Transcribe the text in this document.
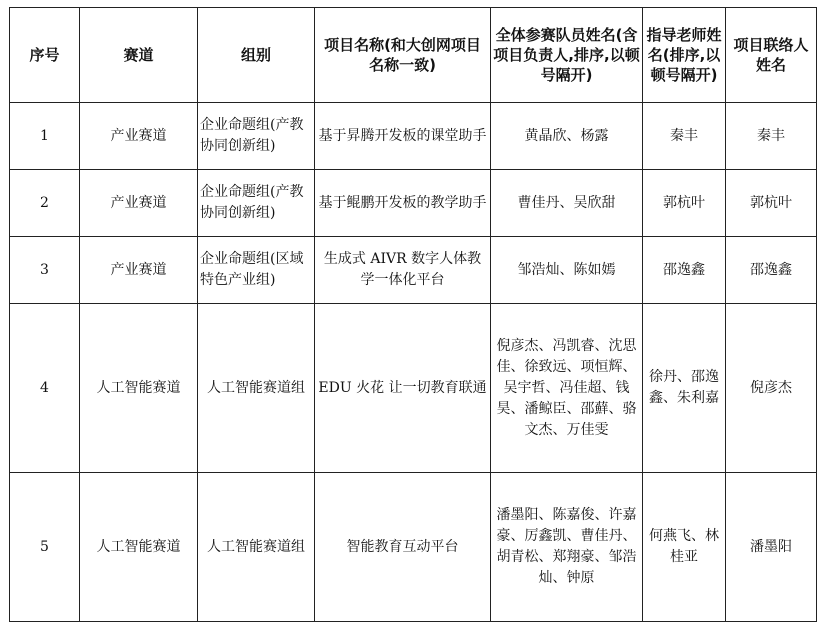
序号	赛道	组别	项目名称(和大创网项目名称一致)	全体参赛队员姓名(含项目负责人,排序,以顿号隔开)	指导老师姓名(排序,以顿号隔开)	项目联络人姓名
1	产业赛道	企业命题组(产教协同创新组)	基于昇腾开发板的课堂助手	黄晶欣、杨露	秦丰	秦丰
2	产业赛道	企业命题组(产教协同创新组)	基于鲲鹏开发板的教学助手	曹佳丹、吴欣甜	郭杭叶	郭杭叶
3	产业赛道	企业命题组(区域特色产业组)	生成式 AIVR 数字人体教学一体化平台	邹浩灿、陈如嫣	邵逸鑫	邵逸鑫
4	人工智能赛道	人工智能赛道组	EDU 火花 让一切教育联通	倪彦杰、冯凯睿、沈思佳、徐致远、项恒辉、吴宇哲、冯佳超、钱昊、潘鲸臣、邵蘚、骆文杰、万佳雯	徐丹、邵逸鑫、朱利嘉	倪彦杰
5	人工智能赛道	人工智能赛道组	智能教育互动平台	潘墨阳、陈嘉俊、许嘉豪、厉鑫凯、曹佳丹、胡青松、郑翔豪、邹浩灿、钟原	何燕飞、林桂亚	潘墨阳
